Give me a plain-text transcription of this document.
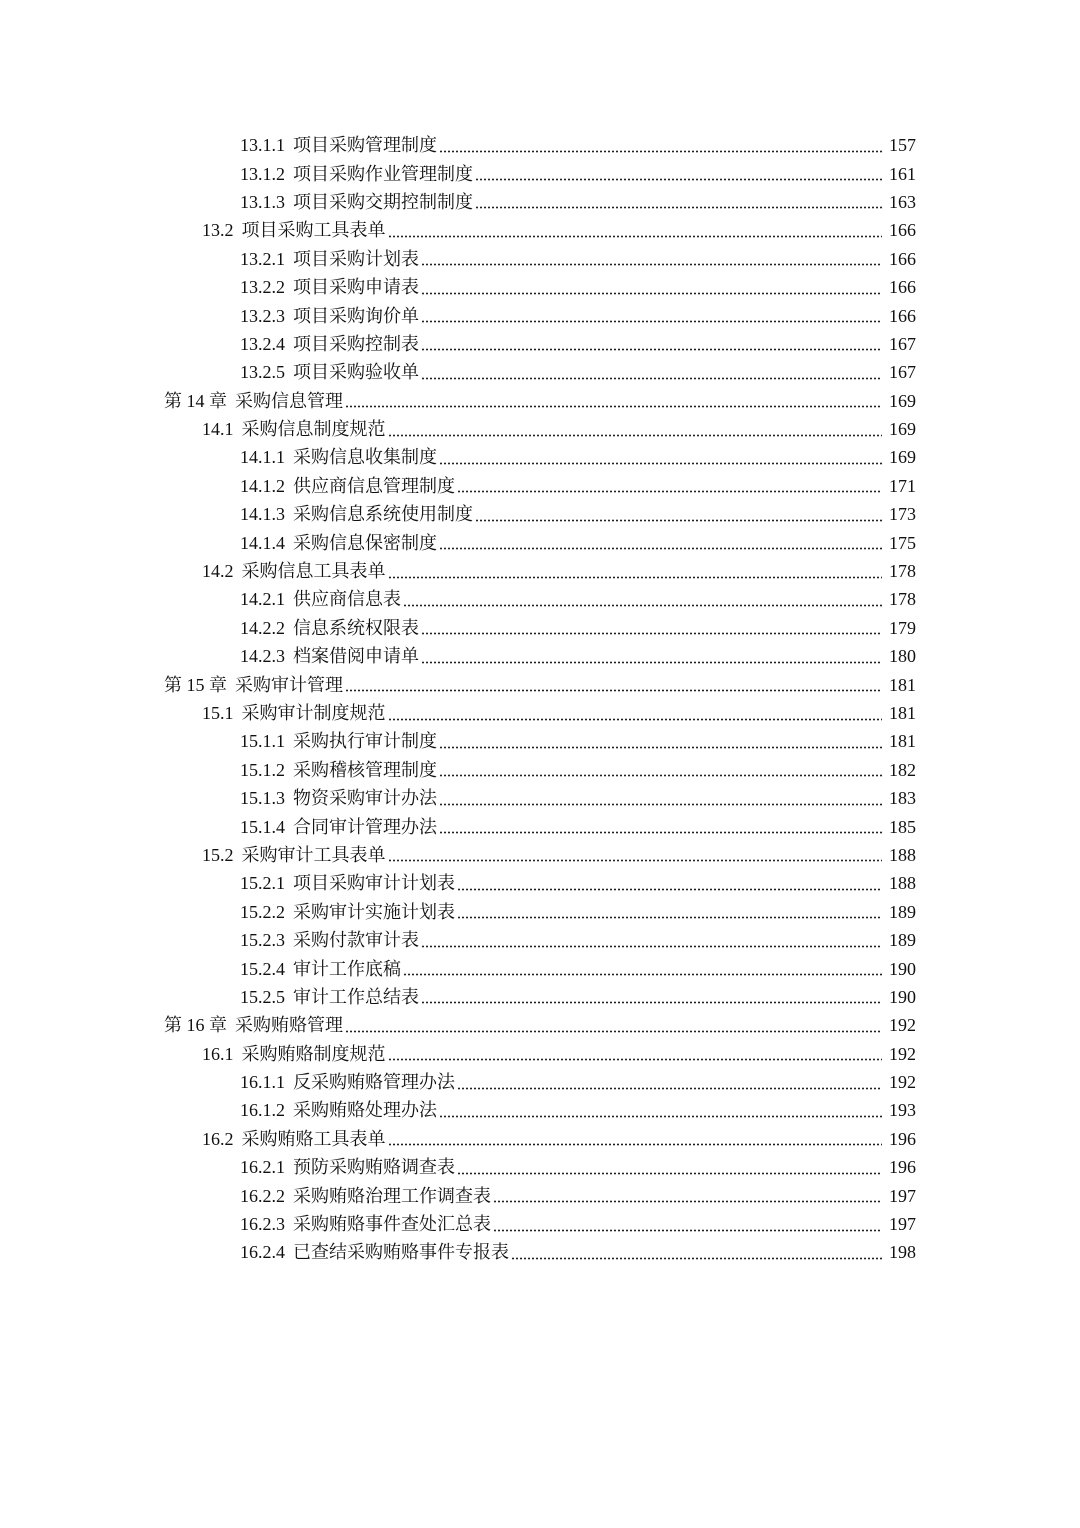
13.1.1 项目采购管理制度	157
13.1.2 项目采购作业管理制度	161
13.1.3 项目采购交期控制制度	163
13.2 项目采购工具表单	166
13.2.1 项目采购计划表	166
13.2.2 项目采购申请表	166
13.2.3 项目采购询价单	166
13.2.4 项目采购控制表	167
13.2.5 项目采购验收单	167
第 14 章 采购信息管理	169
14.1 采购信息制度规范	169
14.1.1 采购信息收集制度	169
14.1.2 供应商信息管理制度	171
14.1.3 采购信息系统使用制度	173
14.1.4 采购信息保密制度	175
14.2 采购信息工具表单	178
14.2.1 供应商信息表	178
14.2.2 信息系统权限表	179
14.2.3 档案借阅申请单	180
第 15 章 采购审计管理	181
15.1 采购审计制度规范	181
15.1.1 采购执行审计制度	181
15.1.2 采购稽核管理制度	182
15.1.3 物资采购审计办法	183
15.1.4 合同审计管理办法	185
15.2 采购审计工具表单	188
15.2.1 项目采购审计计划表	188
15.2.2 采购审计实施计划表	189
15.2.3 采购付款审计表	189
15.2.4 审计工作底稿	190
15.2.5 审计工作总结表	190
第 16 章 采购贿赂管理	192
16.1 采购贿赂制度规范	192
16.1.1 反采购贿赂管理办法	192
16.1.2 采购贿赂处理办法	193
16.2 采购贿赂工具表单	196
16.2.1 预防采购贿赂调查表	196
16.2.2 采购贿赂治理工作调查表	197
16.2.3 采购贿赂事件查处汇总表	197
16.2.4 已查结采购贿赂事件专报表	198
